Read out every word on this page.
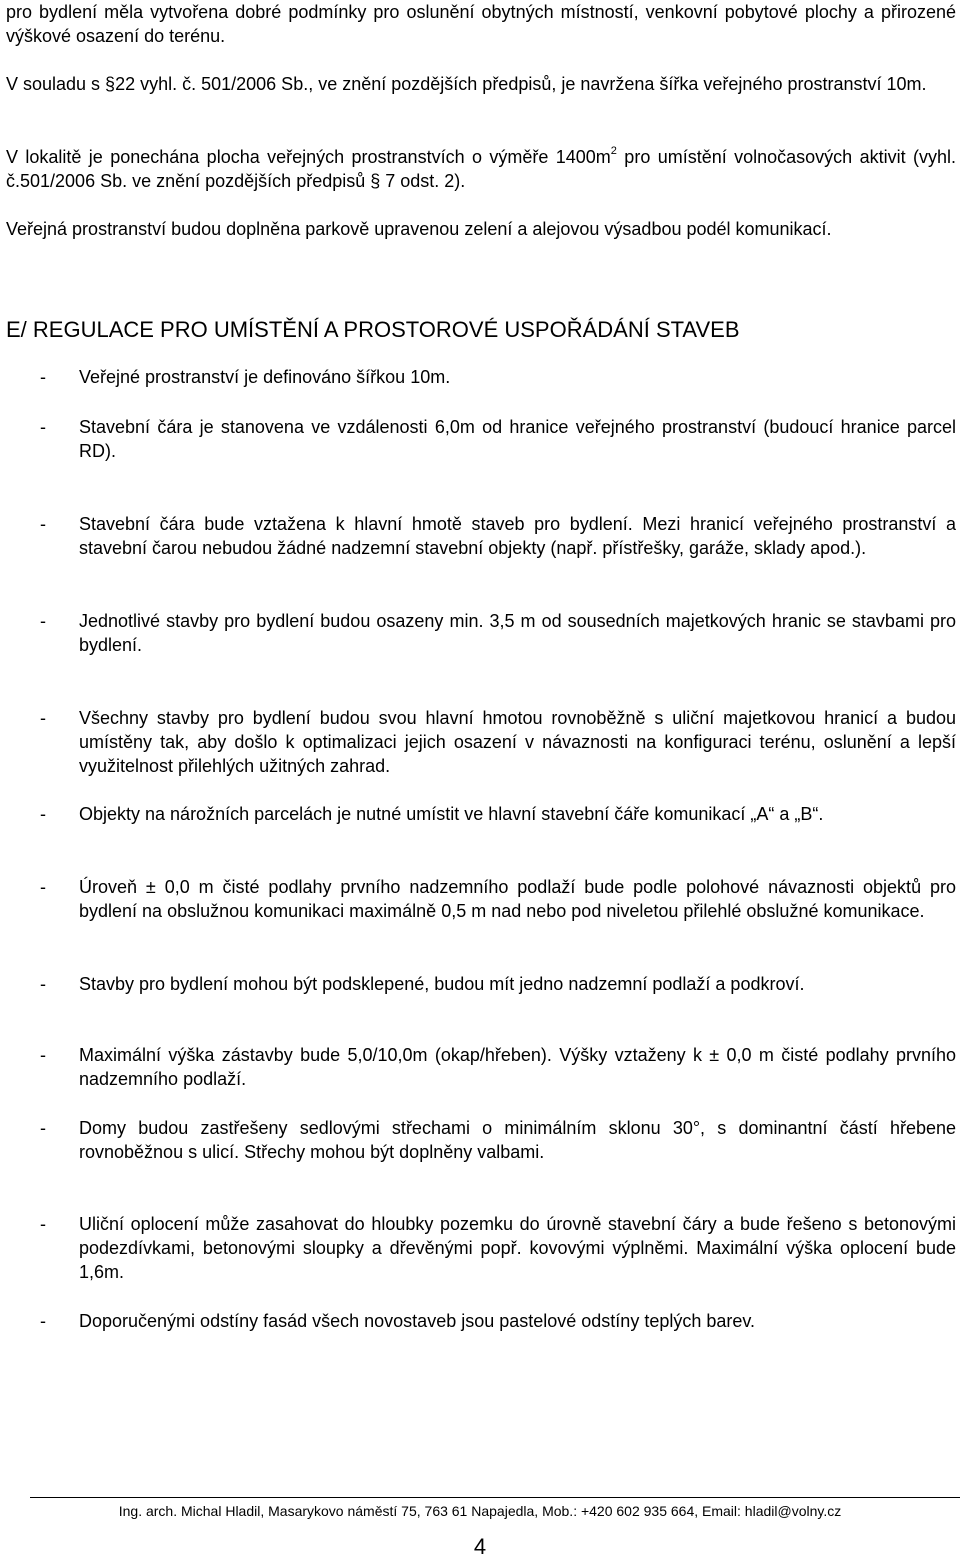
pro bydlení měla vytvořena dobré podmínky pro oslunění obytných místností, venkovní pobytové plochy a přirozené výškové osazení do terénu.

V souladu s §22 vyhl. č. 501/2006 Sb., ve znění pozdějších předpisů, je navržena šířka veřejného prostranství 10m.

V lokalitě je ponechána plocha veřejných prostranstvích o výměře $1400m^2$ pro umístění volnočasových aktivit (vyhl. č.501/2006 Sb. ve znění pozdějších předpisů § 7 odst. 2).

Veřejná prostranství budou doplněna parkově upravenou zelení a alejovou výsadbou podél komunikací.

E/ REGULACE PRO UMÍSTĚNÍ A PROSTOROVÉ USPOŘÁDÁNÍ STAVEB
-	Veřejné prostranství je definováno šířkou 10m.
-	Stavební čára je stanovena ve vzdálenosti 6,0m od hranice veřejného prostranství (budoucí hranice parcel RD).
-	Stavební čára bude vztažena k hlavní hmotě staveb pro bydlení. Mezi hranicí veřejného prostranství a stavební čarou nebudou žádné nadzemní stavební objekty (např. přístřešky, garáže, sklady apod.).
-	Jednotlivé stavby pro bydlení budou osazeny min. 3,5 m od sousedních majetkových hranic se stavbami pro bydlení.
-	Všechny stavby pro bydlení budou svou hlavní hmotou rovnoběžně s uliční majetkovou hranicí a budou umístěny tak, aby došlo k optimalizaci jejich osazení v návaznosti na konfiguraci terénu, oslunění a lepší využitelnost přilehlých užitných zahrad.
-	Objekty na nárožních parcelách je nutné umístit ve hlavní stavební čáře komunikací „A“ a „B“.
-	Úroveň ± 0,0 m čisté podlahy prvního nadzemního podlaží bude podle polohové návaznosti objektů pro bydlení na obslužnou komunikaci maximálně 0,5 m nad nebo pod niveletou přilehlé obslužné komunikace.
-	Stavby pro bydlení mohou být podsklepené, budou mít jedno nadzemní podlaží a podkroví.
-	Maximální výška zástavby bude 5,0/10,0m (okap/hřeben). Výšky vztaženy k ± 0,0 m čisté podlahy prvního nadzemního podlaží.
-	Domy budou zastřešeny sedlovými střechami o minimálním sklonu 30°, s dominantní částí hřebene rovnoběžnou s ulicí. Střechy mohou být doplněny valbami.
-	Uliční oplocení může zasahovat do hloubky pozemku do úrovně stavební čáry a bude řešeno s betonovými podezdívkami, betonovými sloupky a dřevěnými popř. kovovými výplněmi. Maximální výška oplocení bude 1,6m.
-	Doporučenými odstíny fasád všech novostaveb jsou pastelové odstíny teplých barev.
Ing. arch. Michal Hladil, Masarykovo náměstí 75, 763 61 Napajedla, Mob.: +420 602 935 664, Email: hladil@volny.cz
4
